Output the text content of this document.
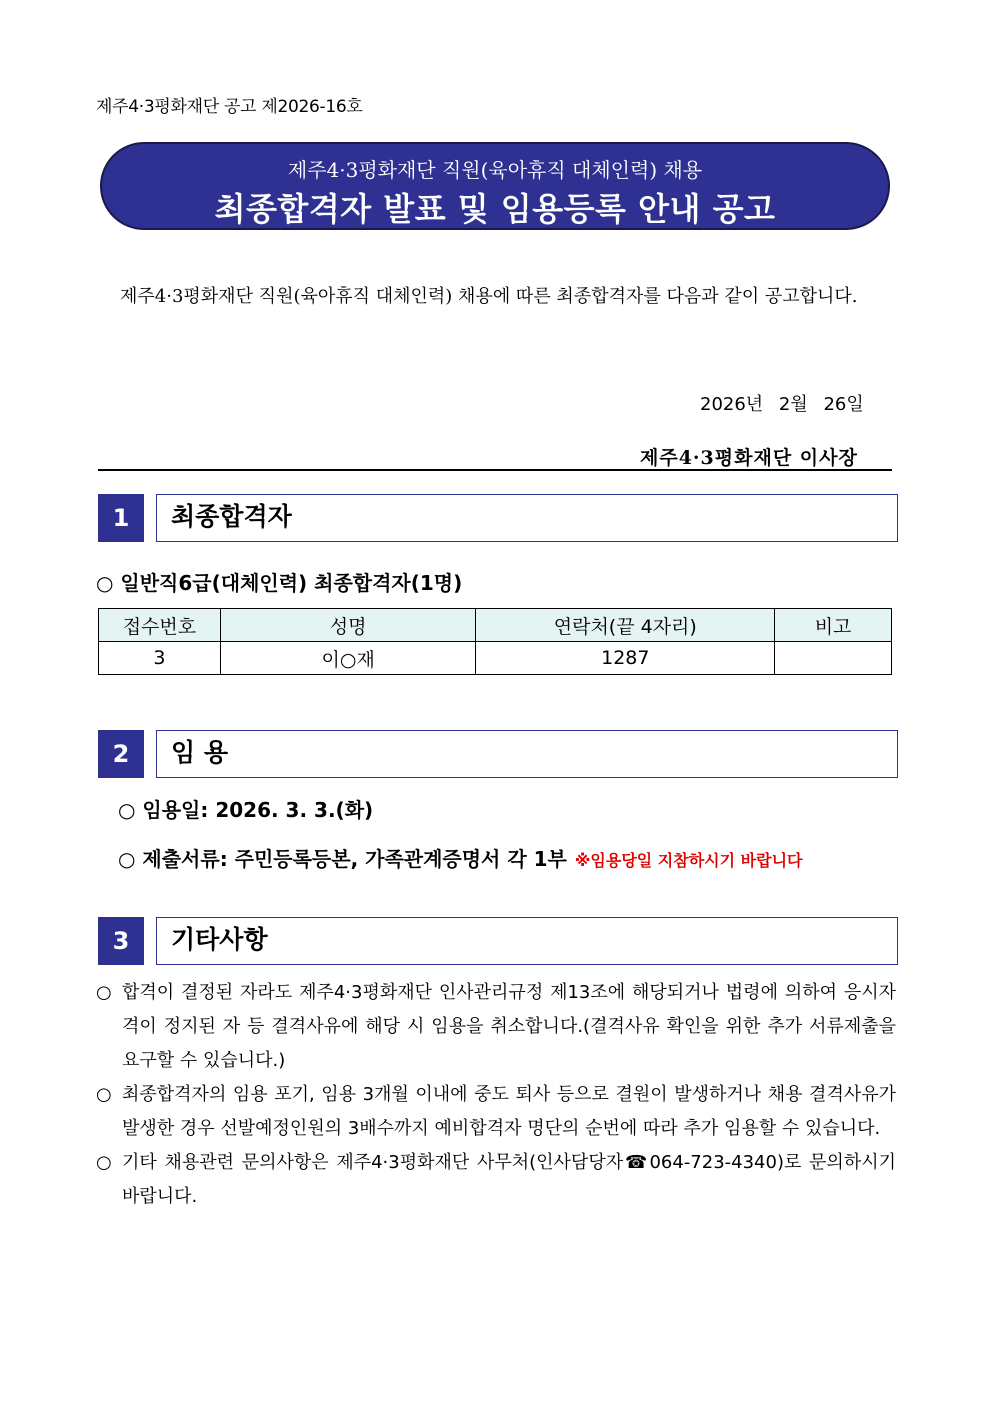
제주4·3평화재단 공고 제2026-16호
제주4·3평화재단 직원(육아휴직 대체인력) 채용
최종합격자 발표 및 임용등록 안내 공고
제주4·3평화재단 직원(육아휴직 대체인력) 채용에 따른 최종합격자를 다음과 같이 공고합니다.
2026년 2월 26일
제주4·3평화재단 이사장
1	최종합격자
○ 일반직6급(대체인력) 최종합격자(1명)
접수번호	성명	연락처(끝 4자리)	비고
3	이○재	1287	
2	임 용
○ 임용일: 2026. 3. 3.(화)
○ 제출서류: 주민등록등본, 가족관계증명서 각 1부 ※임용당일 지참하시기 바랍니다
3	기타사항
○ 합격이 결정된 자라도 제주4·3평화재단 인사관리규정 제13조에 해당되거나 법령에 의하여 응시자격이 정지된 자 등 결격사유에 해당 시 임용을 취소합니다.(결격사유 확인을 위한 추가 서류제출을 요구할 수 있습니다.)
○ 최종합격자의 임용 포기, 임용 3개월 이내에 중도 퇴사 등으로 결원이 발생하거나 채용 결격사유가 발생한 경우 선발예정인원의 3배수까지 예비합격자 명단의 순번에 따라 추가 임용할 수 있습니다.
○ 기타 채용관련 문의사항은 제주4·3평화재단 사무처(인사담당자☎064-723-4340)로 문의하시기 바랍니다.
